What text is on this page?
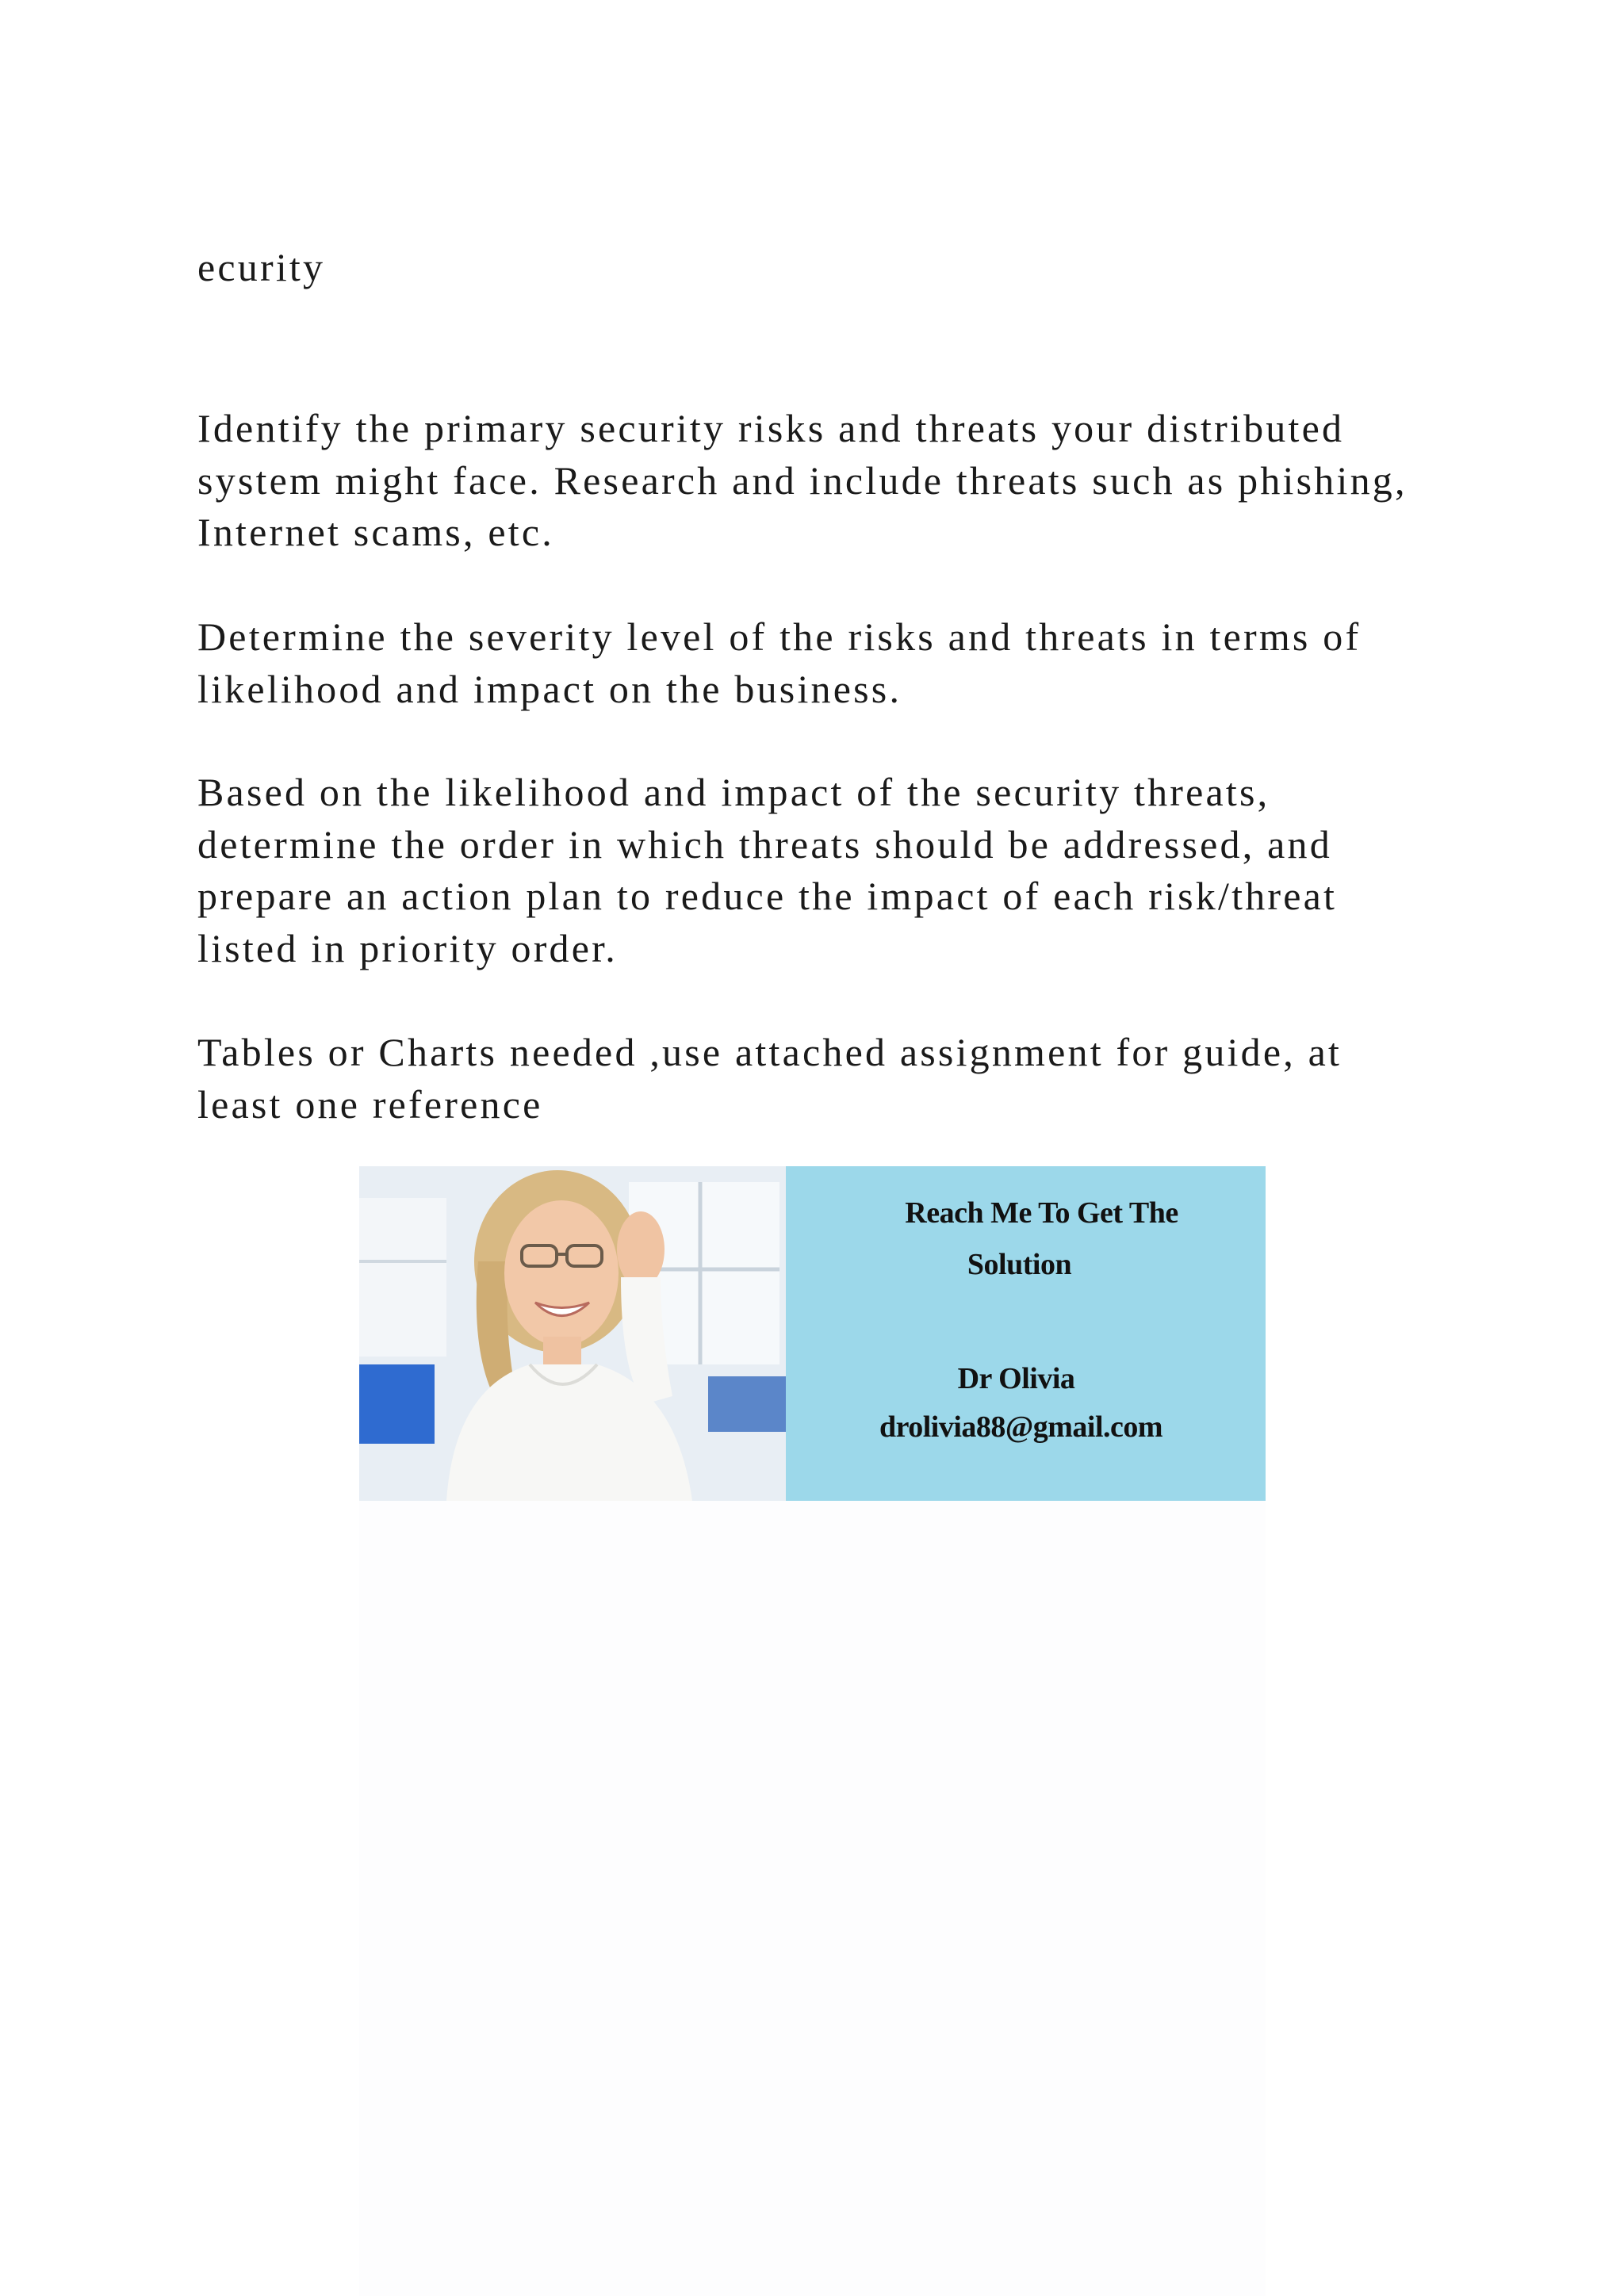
ecurity
Identify the primary security risks and threats your distributed system might face. Research and include threats such as phishing, Internet scams, etc.
Determine the severity level of the risks and threats in terms of likelihood and impact on the business.
Based on the likelihood and impact of the security threats, determine the order in which threats should be addressed, and prepare an action plan to reduce the impact of each risk/threat listed in priority order.
Tables or Charts needed ,use attached assignment for guide, at least one reference
Reach Me To Get The
Solution
Dr Olivia
drolivia88@gmail.com
